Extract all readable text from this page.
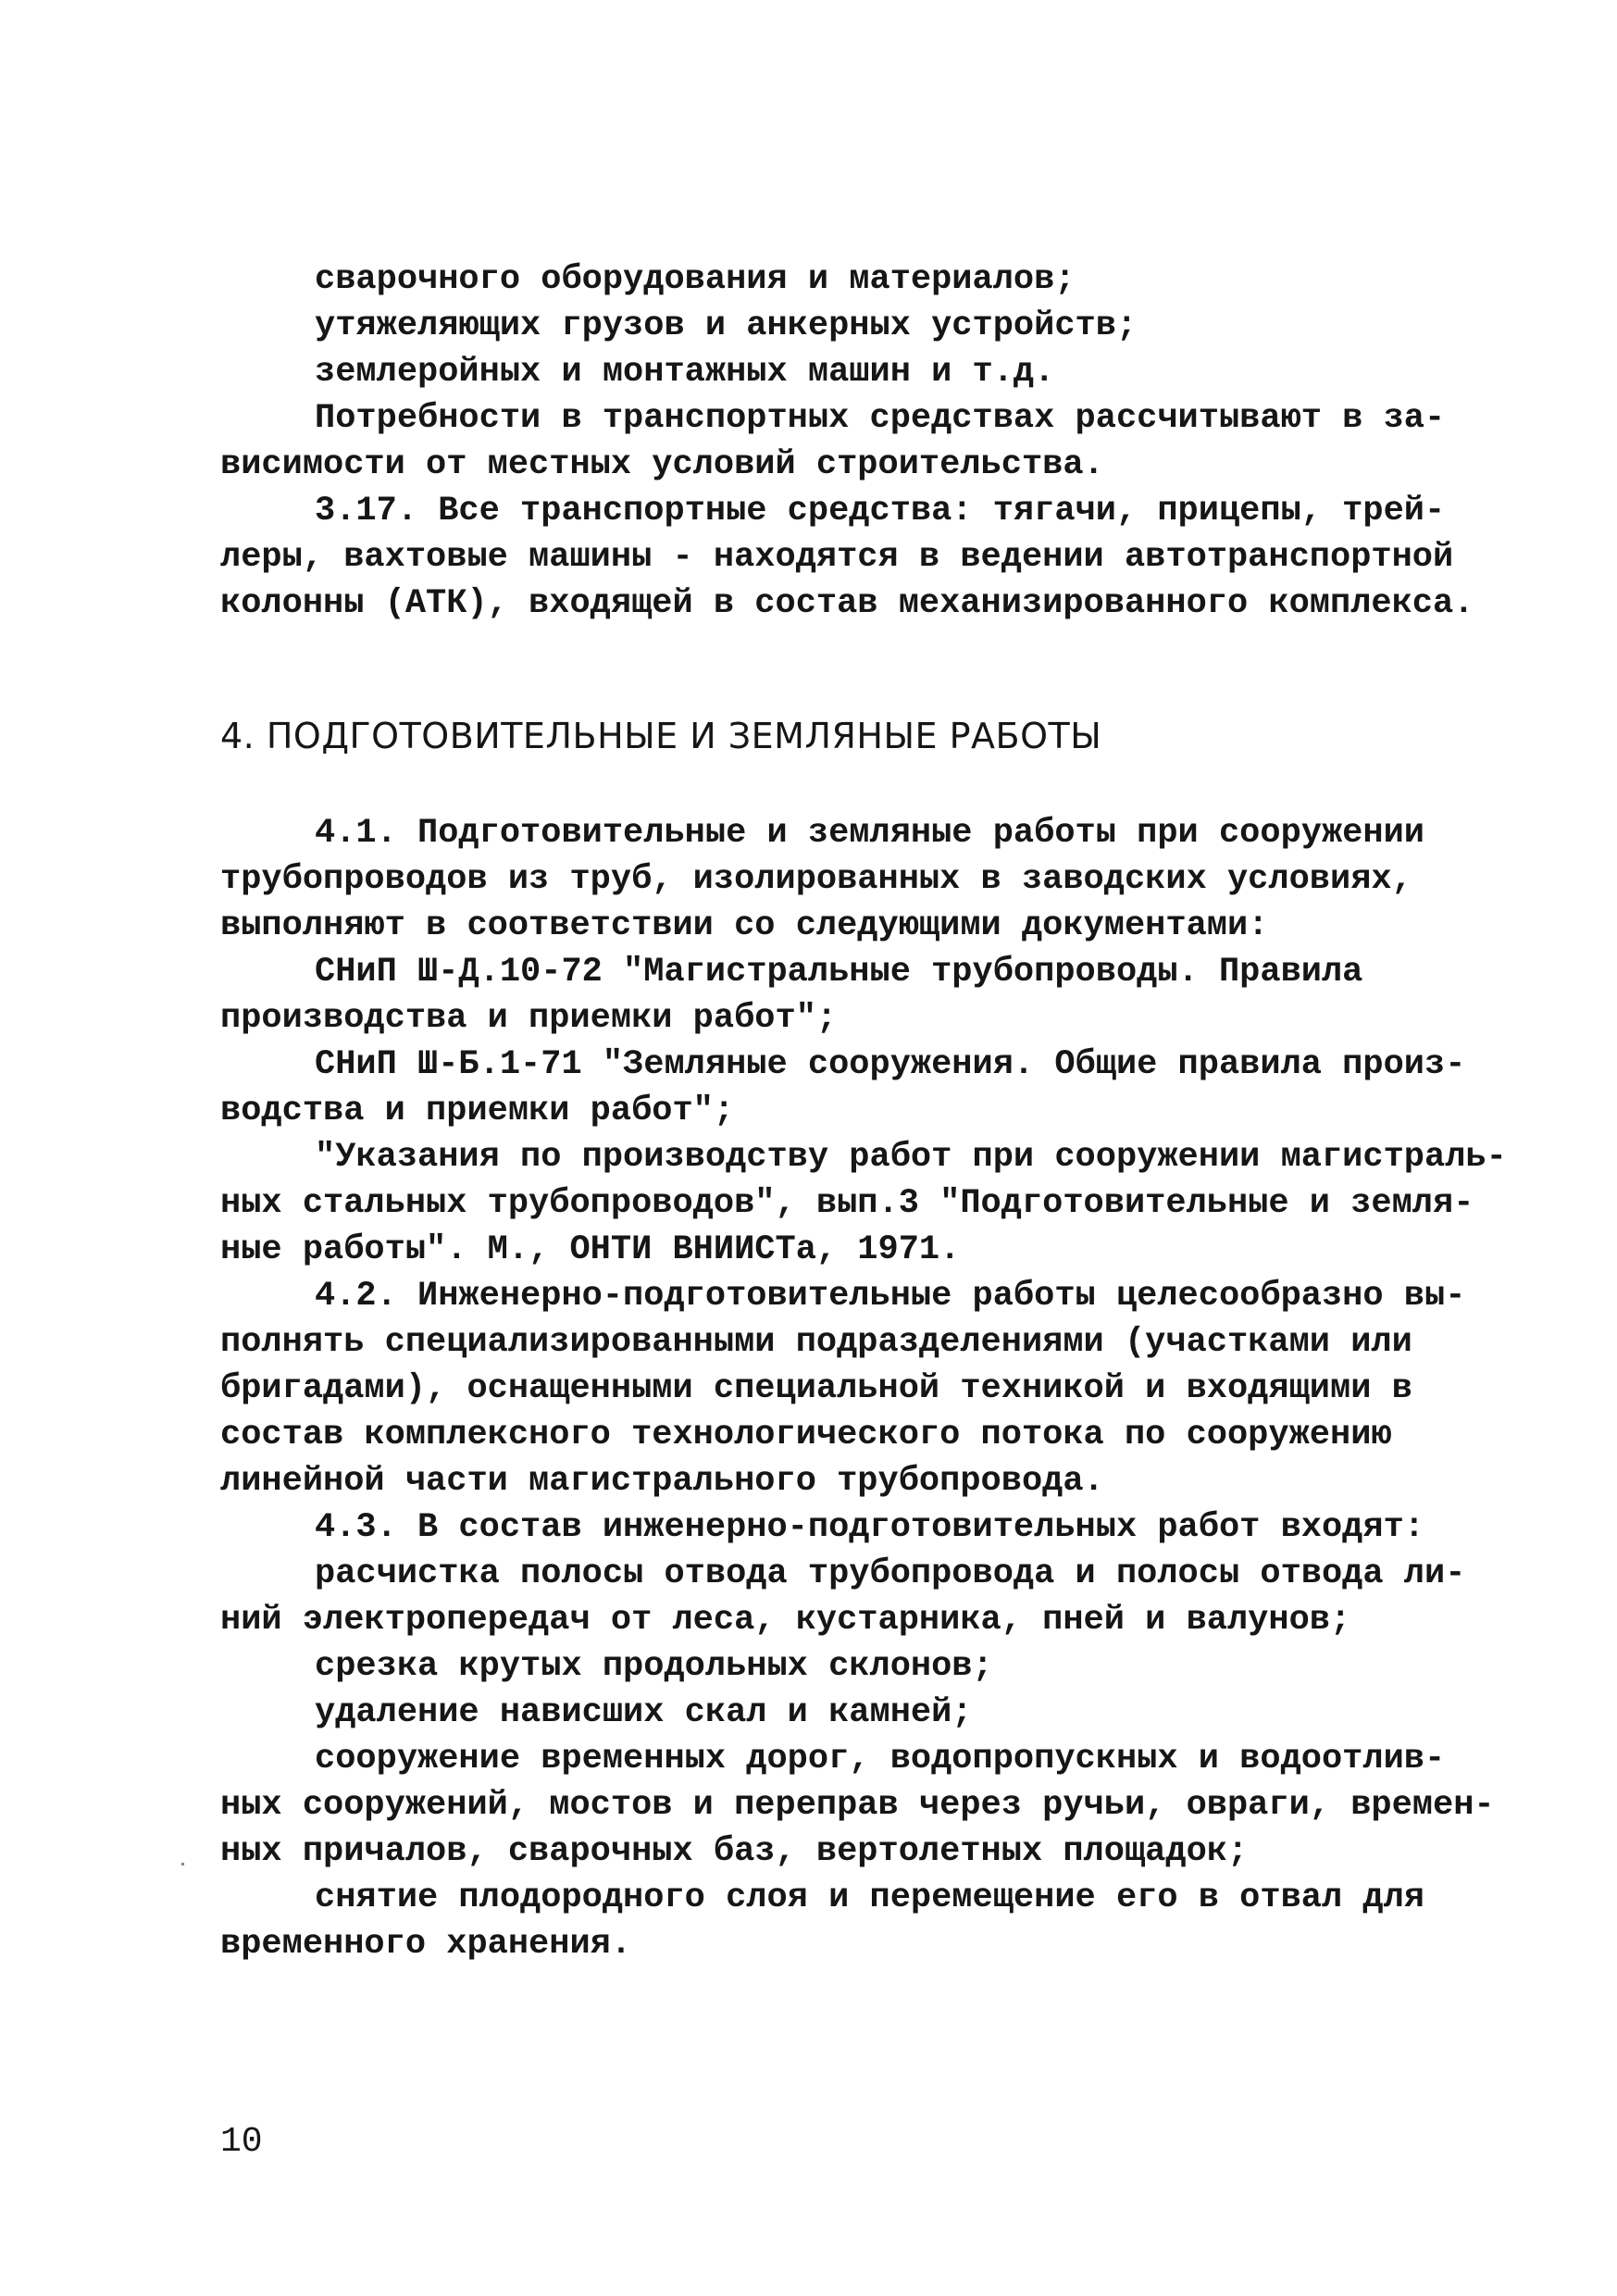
сварочного оборудования и материалов;

утяжеляющих грузов и анкерных устройств;

землеройных и монтажных машин и т.д.

Потребности в транспортных средствах рассчитывают в за-

висимости от местных условий строительства.

3.17. Все транспортные средства: тягачи, прицепы, трей-

леры, вахтовые машины - находятся в ведении автотранспортной

колонны (АТК), входящей в состав механизированного комплекса.

4. ПОДГОТОВИТЕЛЬНЫЕ И ЗЕМЛЯНЫЕ РАБОТЫ

4.1. Подготовительные и земляные работы при сооружении

трубопроводов из труб, изолированных в заводских условиях,

выполняют в соответствии со следующими документами:

СНиП Ш-Д.10-72 "Магистральные трубопроводы. Правила

производства и приемки работ";

СНиП Ш-Б.1-71 "Земляные сооружения. Общие правила произ-

водства и приемки работ";

"Указания по производству работ при сооружении магистраль-

ных стальных трубопроводов", вып.3 "Подготовительные и земля-

ные работы". М., ОНТИ ВНИИСТа, 1971.

4.2. Инженерно-подготовительные работы целесообразно вы-

полнять специализированными подразделениями (участками или

бригадами), оснащенными специальной техникой и входящими в

состав комплексного технологического потока по сооружению

линейной части магистрального трубопровода.

4.3. В состав инженерно-подготовительных работ входят:

расчистка полосы отвода трубопровода и полосы отвода ли-

ний электропередач от леса, кустарника, пней и валунов;

срезка крутых продольных склонов;

удаление нависших скал и камней;

сооружение временных дорог, водопропускных и водоотлив-

ных сооружений, мостов и переправ через ручьи, овраги, времен-

ных причалов, сварочных баз, вертолетных площадок;

снятие плодородного слоя и перемещение его в отвал для

временного хранения.

10
